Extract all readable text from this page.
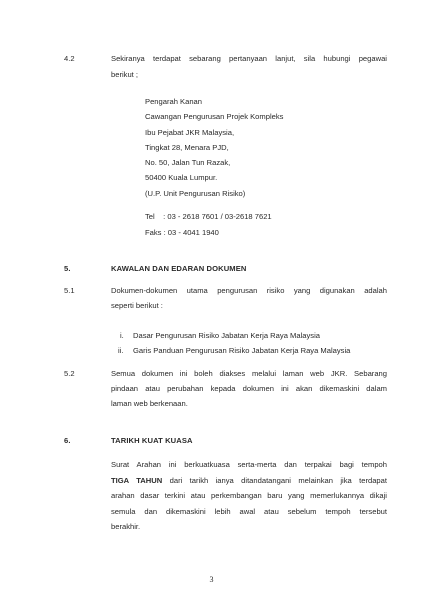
4.2	Sekiranya terdapat sebarang pertanyaan lanjut, sila hubungi pegawai
berikut ;
Pengarah Kanan
Cawangan Pengurusan Projek Kompleks
Ibu Pejabat JKR Malaysia,
Tingkat 28, Menara PJD,
No. 50, Jalan Tun Razak,
50400 Kuala Lumpur.
(U.P. Unit Pengurusan Risiko)
Tel    : 03 - 2618 7601 / 03-2618 7621
Faks : 03 - 4041 1940
5.	KAWALAN DAN EDARAN DOKUMEN
5.1	Dokumen-dokumen utama pengurusan risiko yang digunakan adalah
seperti berikut :
i. Dasar Pengurusan Risiko Jabatan Kerja Raya Malaysia
ii. Garis Panduan Pengurusan Risiko Jabatan Kerja Raya Malaysia
5.2	Semua dokumen ini boleh diakses melalui laman web JKR. Sebarang
pindaan atau perubahan kepada dokumen ini akan dikemaskini dalam
laman web berkenaan.
6.	TARIKH KUAT KUASA
Surat Arahan ini berkuatkuasa serta-merta dan terpakai bagi tempoh
TIGA TAHUN dari tarikh ianya ditandatangani melainkan jika terdapat
arahan dasar terkini atau perkembangan baru yang memerlukannya dikaji
semula dan dikemaskini lebih awal atau sebelum tempoh tersebut
berakhir.
3
